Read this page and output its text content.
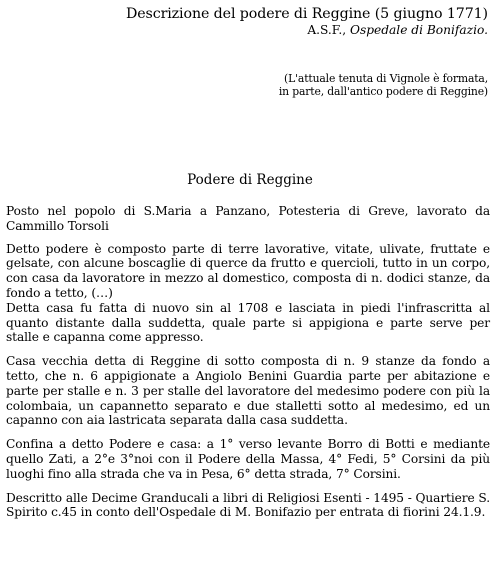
Descrizione del podere di Reggine (5 giugno 1771)
A.S.F., Ospedale di Bonifazio.
(L'attuale tenuta di Vignole è formata,
in parte, dall'antico podere di Reggine)
Podere di Reggine

Posto nel popolo di S.Maria a Panzano, Potesteria di Greve, lavorato da Cammillo Torsoli

Detto podere è composto parte di terre lavorative, vitate, ulivate, fruttate e gelsate, con alcune boscaglie di querce da frutto e quercioli, tutto in un corpo, con casa da lavoratore in mezzo al domestico, composta di n. dodici stanze, da fondo a tetto, (…)

Detta casa fu fatta di nuovo sin al 1708 e lasciata in piedi l'infrascritta al quanto distante dalla suddetta, quale parte si appigiona e parte serve per stalle e capanna come appresso.

Casa vecchia detta di Reggine di sotto composta di n. 9 stanze da fondo a tetto, che n. 6 appigionate a Angiolo Benini Guardia parte per abitazione e parte per stalle e n. 3 per stalle del lavoratore del medesimo podere con più la colombaia, un capannetto separato e due stalletti sotto al medesimo, ed un capanno con aia lastricata separata dalla casa suddetta.

Confina a detto Podere e casa: a 1° verso levante Borro di Botti e mediante quello Zati, a 2°e 3°noi con il Podere della Massa, 4° Fedi, 5° Corsini da più luoghi fino alla strada che va in Pesa, 6° detta strada, 7° Corsini.

Descritto alle Decime Granducali a libri di Religiosi Esenti - 1495 - Quartiere S. Spirito c.45 in conto dell'Ospedale di M. Bonifazio per entrata di fiorini 24.1.9.
